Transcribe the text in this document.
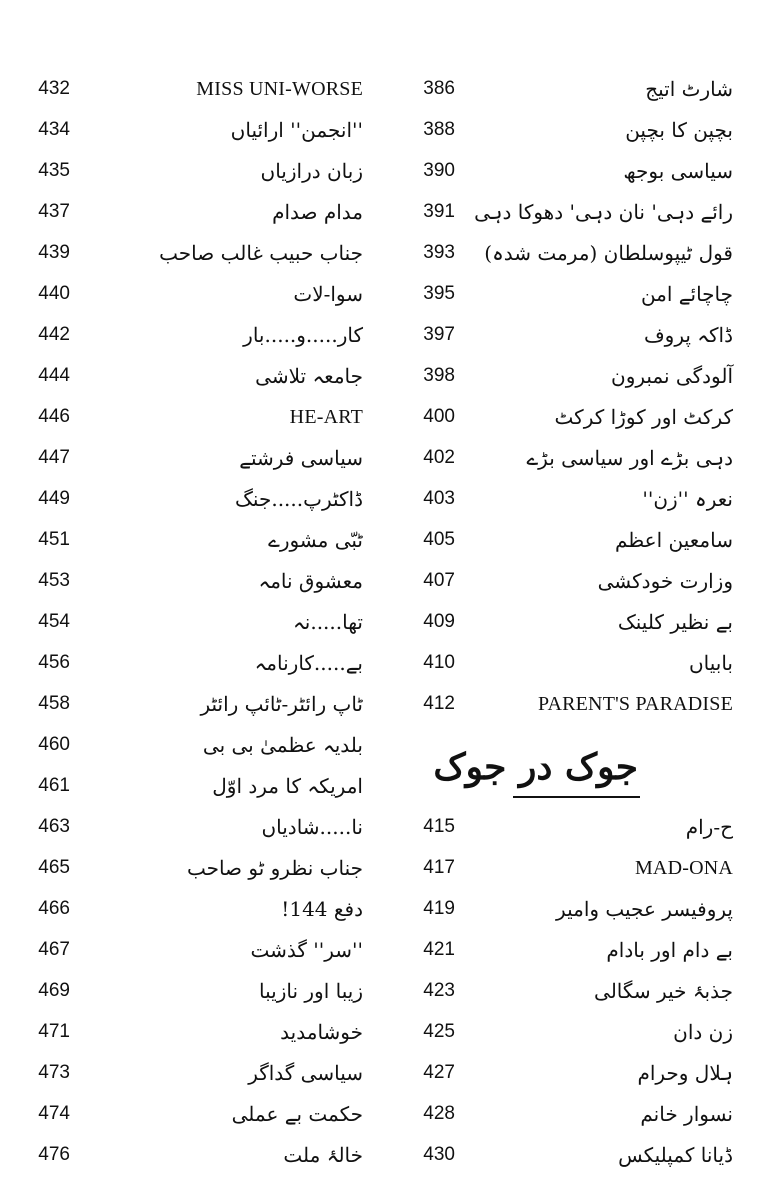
432	MISS UNI-WORSE
434	''انجمن'' ارائیاں
435	زبان درازیاں
437	مدام صدام
439	جناب حبیب غالب صاحب
440	سوا-لات
442	کار.....و.....بار
444	جامعہ تلاشی
446	HE-ART
447	سیاسی فرشتے
449	ڈاکٹرپ.....جنگ
451	ٹبّی مشورے
453	معشوق نامہ
454	تھا.....نہ
456	بے.....کارنامہ
458	ٹاپ رائٹر-ٹائپ رائٹر
460	بلدیہ عظمیٰ بی بی
461	امریکہ کا مرد اوّل
463	نا.....شادیاں
465	جناب نظرو ٹو صاحب
466	دفع 144!
467	''سر'' گذشت
469	زیبا اور نازیبا
471	خوشامدید
473	سیاسی گداگر
474	حکمت بے عملی
476	خالۂ ملت
386	شارٹ اتیج
388	بچپن کا بچپن
390	سیاسی بوجھ
391 رائے دہی' نان دہی' دھوکا دہی
393 قول ٹیپوسلطان (مرمت شدہ)
395	چاچائے امن
397	ڈاکہ پروف
398	آلودگی نمبرون
400	کرکٹ اور کوڑا کرکٹ
402	دہی بڑے اور سیاسی بڑے
403	نعرہ ''زن''
405	سامعین اعظم
407	وزارت خودکشی
409	بے نظیر کلینک
410	بابیاں
412	PARENT'S PARADISE
جوک در جوک
415	ح-رام
417	MAD-ONA
419	پروفیسر عجیب وامیر
421	بے دام اور بادام
423	جذبۂ خیر سگالی
425	زن دان
427	ہلال وحرام
428	نسوار خانم
430	ڈیانا کمپلیکس
